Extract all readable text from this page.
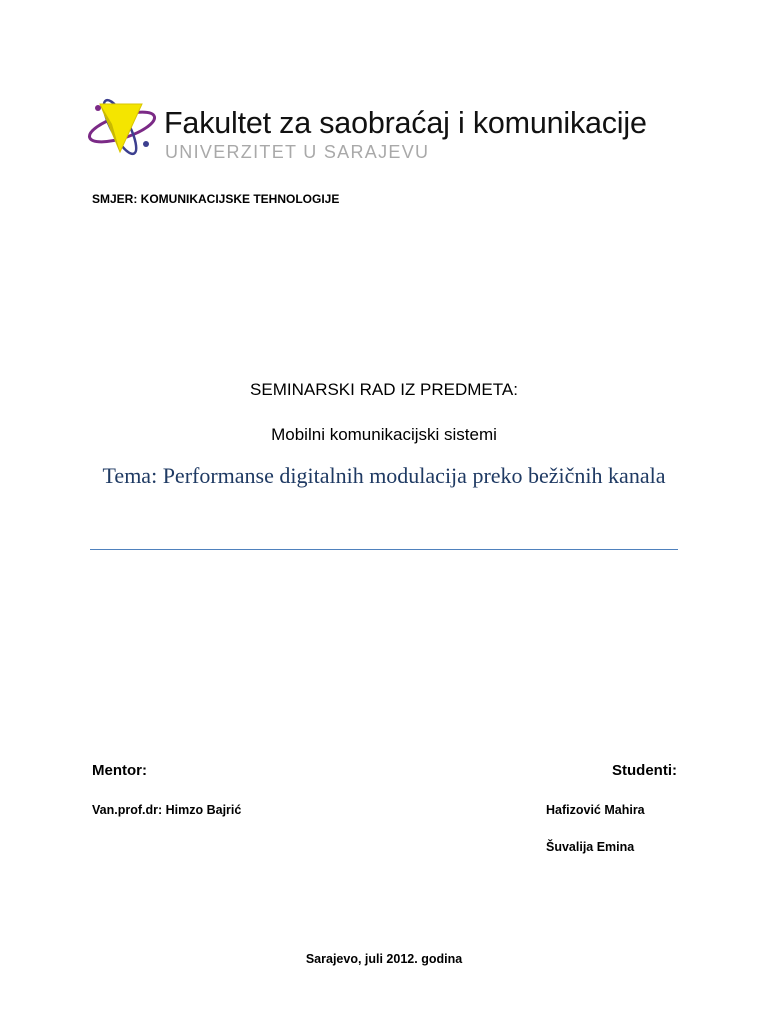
Fakultet za saobraćaj i komunikacije
UNIVERZITET U SARAJEVU
SMJER: KOMUNIKACIJSKE TEHNOLOGIJE
SEMINARSKI RAD IZ PREDMETA:
Mobilni komunikacijski sistemi
Tema: Performanse digitalnih modulacija preko bežičnih kanala
Mentor:	Studenti:
Van.prof.dr: Himzo Bajrić	Hafizović Mahira
Šuvalija Emina
Sarajevo, juli 2012. godina
